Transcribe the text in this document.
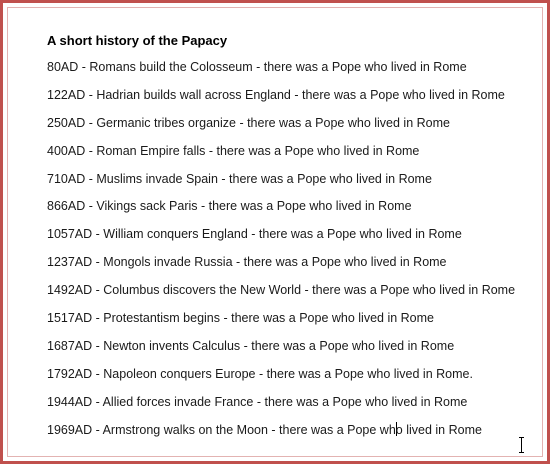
A short history of the Papacy

80AD - Romans build the Colosseum - there was a Pope who lived in Rome

122AD - Hadrian builds wall across England - there was a Pope who lived in Rome

250AD - Germanic tribes organize - there was a Pope who lived in Rome

400AD - Roman Empire falls - there was a Pope who lived in Rome

710AD - Muslims invade Spain - there was a Pope who lived in Rome

866AD - Vikings sack Paris - there was a Pope who lived in Rome

1057AD - William conquers England - there was a Pope who lived in Rome

1237AD - Mongols invade Russia - there was a Pope who lived in Rome

1492AD - Columbus discovers the New World - there was a Pope who lived in Rome

1517AD - Protestantism begins - there was a Pope who lived in Rome

1687AD - Newton invents Calculus - there was a Pope who lived in Rome

1792AD - Napoleon conquers Europe - there was a Pope who lived in Rome.

1944AD - Allied forces invade France - there was a Pope who lived in Rome

1969AD - Armstrong walks on the Moon - there was a Pope who lived in Rome
